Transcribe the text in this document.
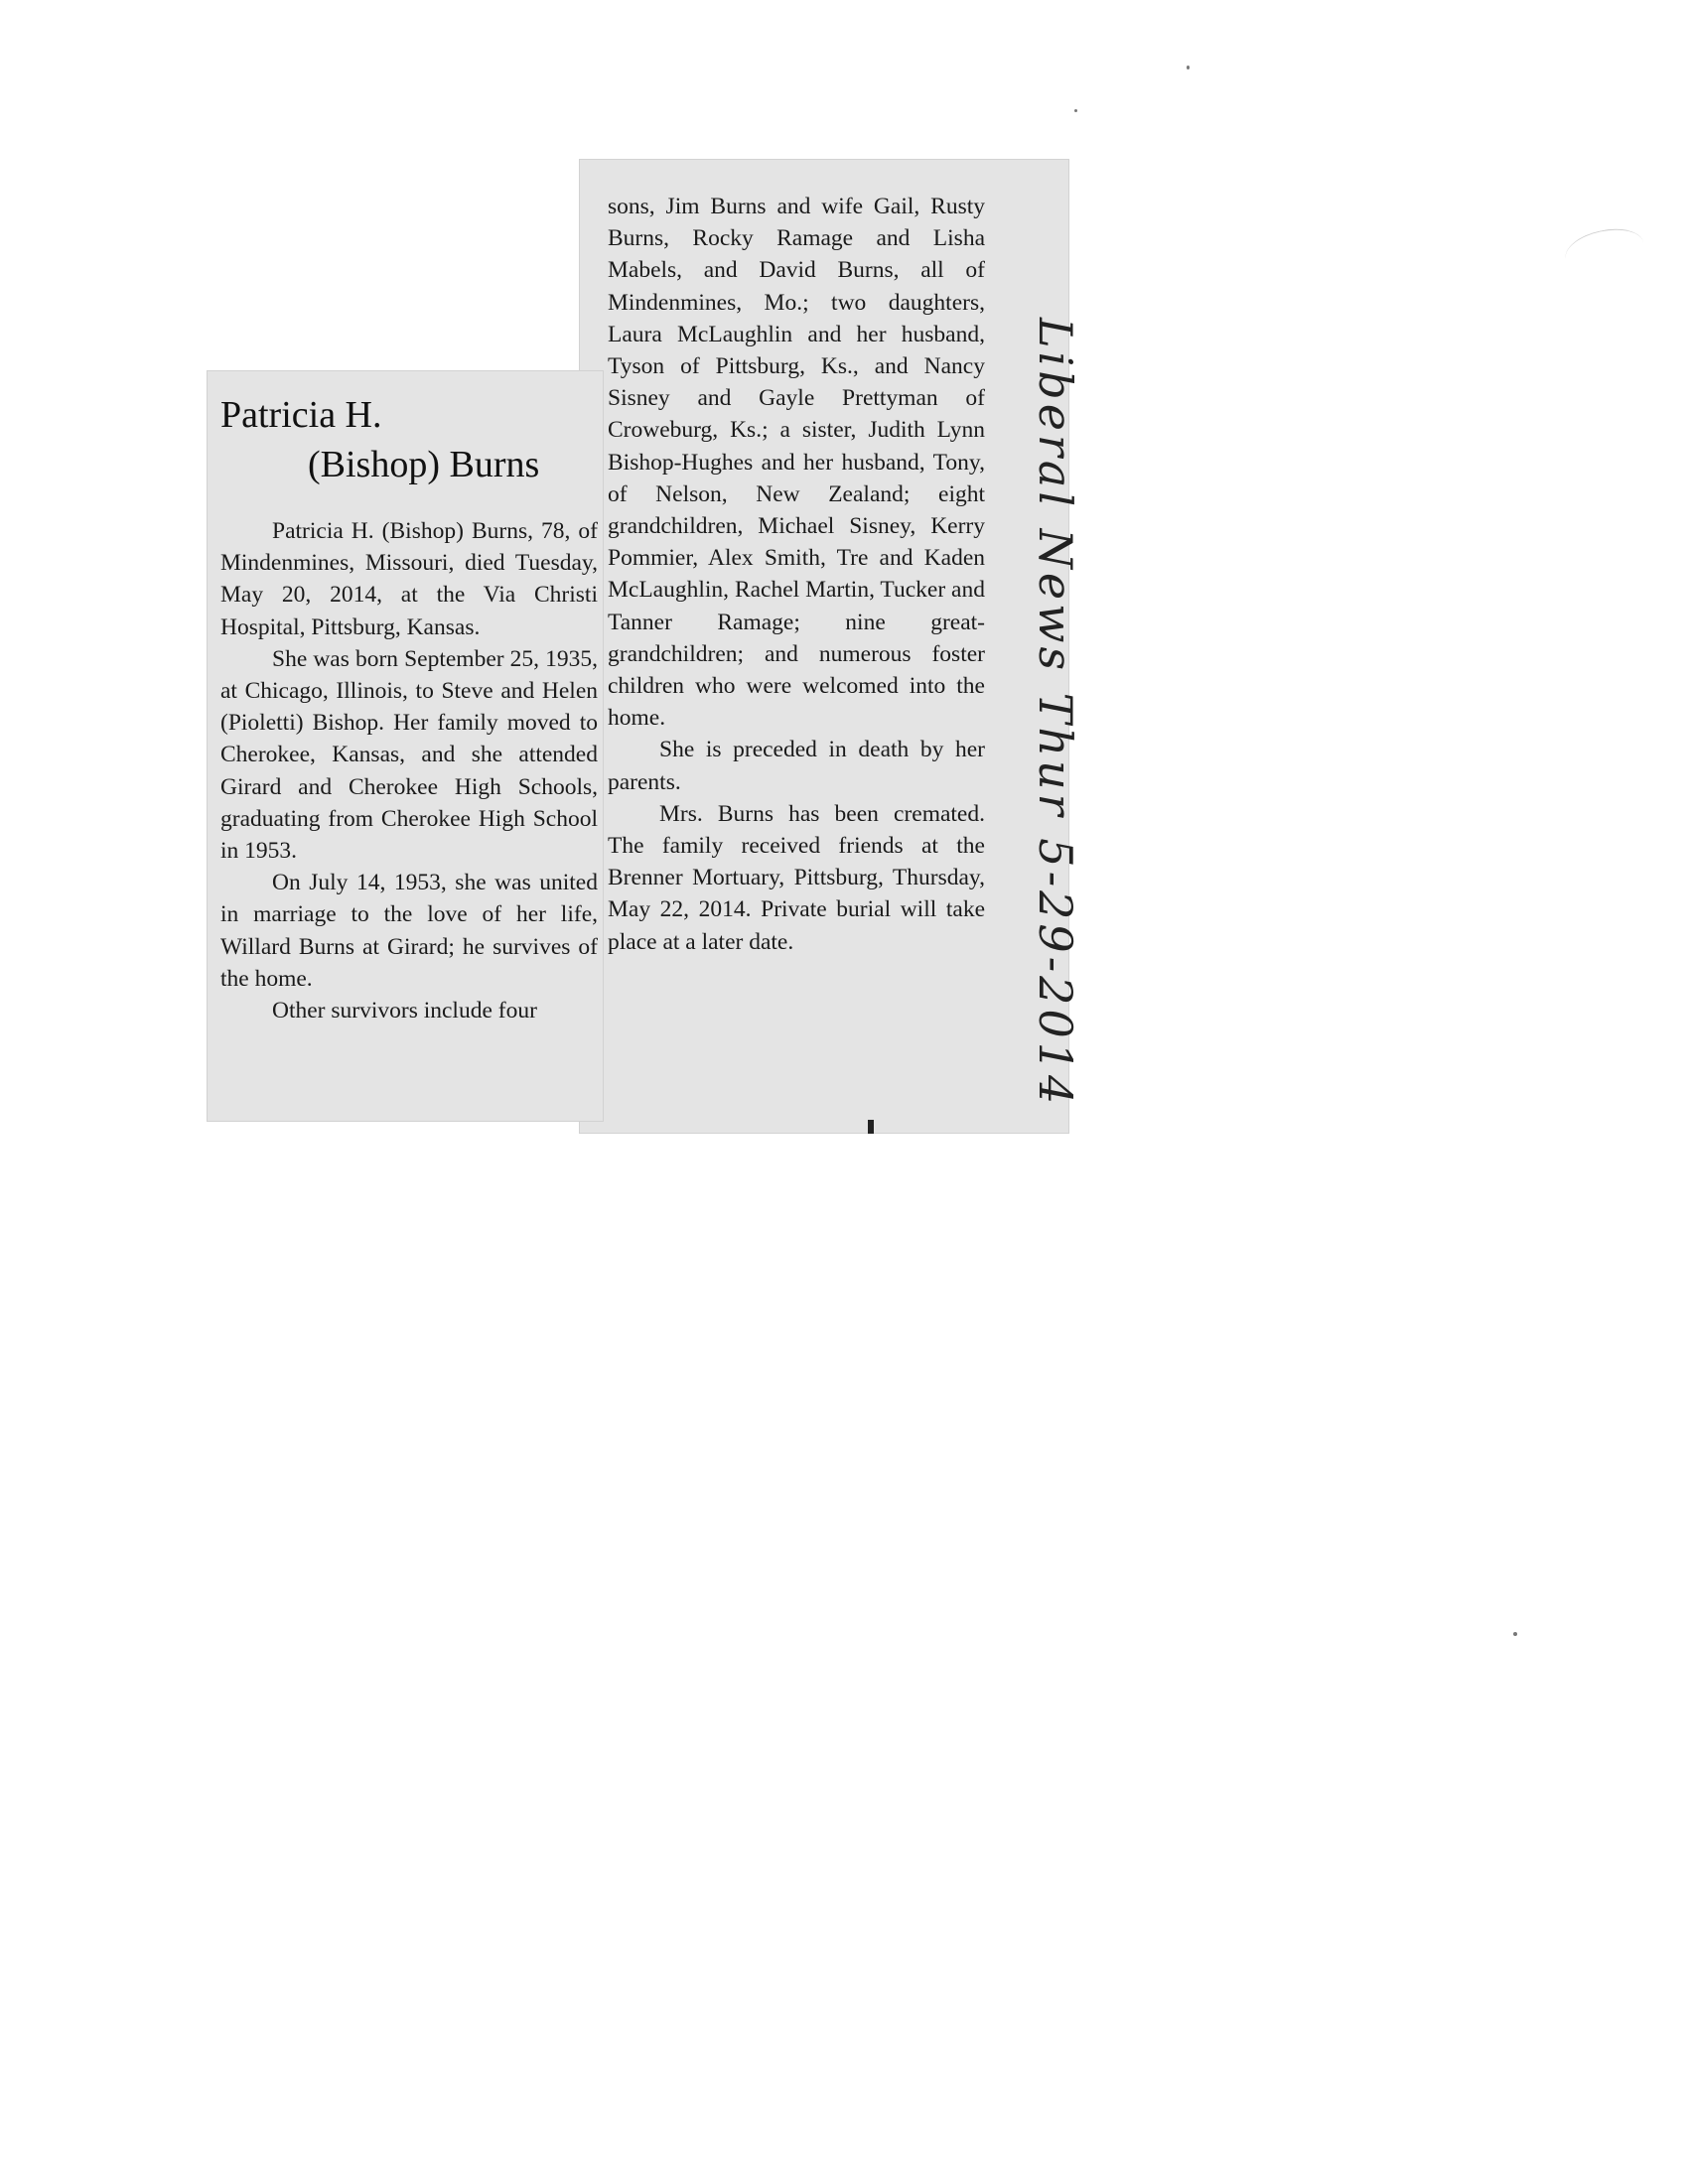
Patricia H.
(Bishop) Burns

Patricia H. (Bishop) Burns, 78, of Mindenmines, Missouri, died Tuesday, May 20, 2014, at the Via Christi Hospital, Pittsburg, Kansas.

She was born September 25, 1935, at Chicago, Illinois, to Steve and Helen (Pioletti) Bishop. Her family moved to Cherokee, Kansas, and she attended Girard and Cherokee High Schools, graduating from Cherokee High School in 1953.

On July 14, 1953, she was united in marriage to the love of her life, Willard Burns at Girard; he survives of the home.

Other survivors include four

sons, Jim Burns and wife Gail, Rusty Burns, Rocky Ramage and Lisha Mabels, and David Burns, all of Mindenmines, Mo.; two daughters, Laura McLaughlin and her husband, Tyson of Pittsburg, Ks., and Nancy Sisney and Gayle Prettyman of Croweburg, Ks.; a sister, Judith Lynn Bishop-Hughes and her husband, Tony, of Nelson, New Zealand; eight grandchildren, Michael Sisney, Kerry Pommier, Alex Smith, Tre and Kaden McLaughlin, Rachel Martin, Tucker and Tanner Ramage; nine great-grandchildren; and numerous foster children who were welcomed into the home.

She is preceded in death by her parents.

Mrs. Burns has been cremated. The family received friends at the Brenner Mortuary, Pittsburg, Thursday, May 22, 2014. Private burial will take place at a later date.	Liberal News Thur 5-29-2014
